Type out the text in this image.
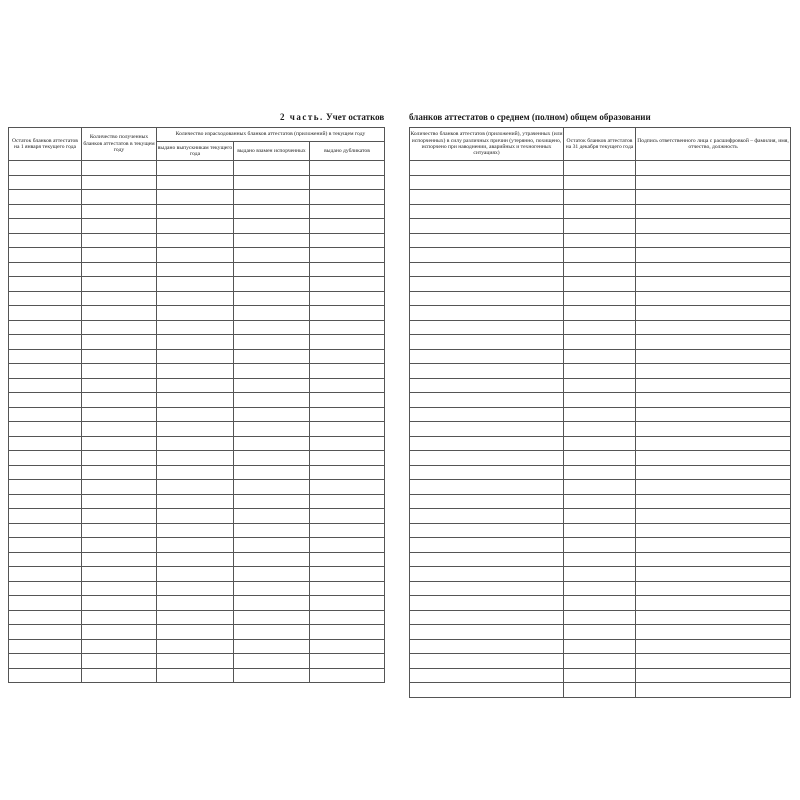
2 часть. Учет остатков	бланков аттестатов о среднем (полном) общем образовании
Остаток бланков аттестатов на 1 января текущего года	Количество полученных бланков аттестатов в текущем году	Количество израсходованных бланков аттестатов (приложений) в текущем году		
		выдано выпускникам текущего года	выдано взамен испорченных	выдано дубликатов

Количество бланков аттестатов (приложений), утраченных (или испорченных) в силу различных причин (утерянно, похищено, испорчено при наводнении, аварийных и техногенных ситуациях)	Остаток бланков аттестатов на 31 декабря текущего года	Подпись ответственного лица с расшифровкой – фамилия, имя, отчество, должность
